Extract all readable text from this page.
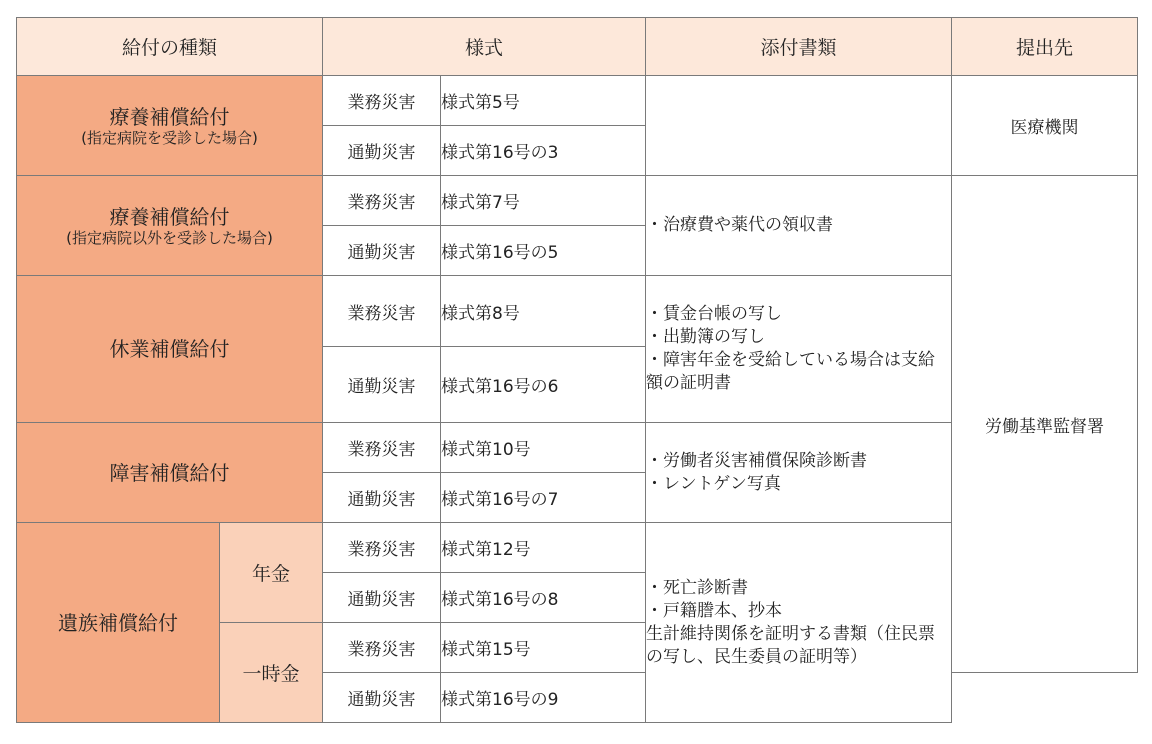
給付の種類		様式		添付書類	提出先
療養補償給付
(指定病院を受診した場合)		業務災害	様式第5号		医療機関
		通勤災害	様式第16号の3		
療養補償給付
(指定病院以外を受診した場合)		業務災害	様式第7号	・治療費や薬代の領収書	労働基準監督署
		通勤災害	様式第16号の5		
休業補償給付		業務災害	様式第8号	・賃金台帳の写し
・出勤簿の写し
・障害年金を受給している場合は支給額の証明書	

		通勤災害	様式第16号の6		
障害補償給付		業務災害	様式第10号	・労働者災害補償保険診断書
・レントゲン写真	

		通勤災害	様式第16号の7		
遺族補償給付	年金	業務災害	様式第12号	・死亡診断書
・戸籍謄本、抄本
生計維持関係を証明する書類（住民票の写し、民生委員の証明等）	

		通勤災害	様式第16号の8		
	一時金	業務災害	様式第15号		
		通勤災害	様式第16号の9		
